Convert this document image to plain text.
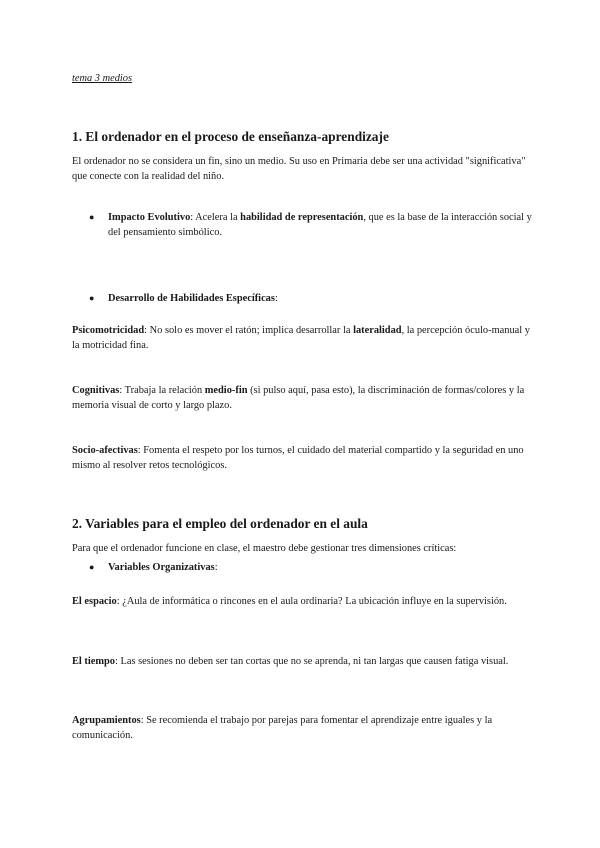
tema 3 medios

1. El ordenador en el proceso de enseñanza-aprendizaje

El ordenador no se considera un fin, sino un medio. Su uso en Primaria debe ser una actividad "significativa" que conecte con la realidad del niño.

● Impacto Evolutivo: Acelera la habilidad de representación, que es la base de la interacción social y del pensamiento simbólico.
● Desarrollo de Habilidades Específicas:

Psicomotricidad: No solo es mover el ratón; implica desarrollar la lateralidad, la percepción óculo-manual y la motricidad fina.

Cognitivas: Trabaja la relación medio-fin (si pulso aquí, pasa esto), la discriminación de formas/colores y la memoria visual de corto y largo plazo.

Socio-afectivas: Fomenta el respeto por los turnos, el cuidado del material compartido y la seguridad en uno mismo al resolver retos tecnológicos.

2. Variables para el empleo del ordenador en el aula

Para que el ordenador funcione en clase, el maestro debe gestionar tres dimensiones críticas:

● Variables Organizativas:

El espacio: ¿Aula de informática o rincones en el aula ordinaria? La ubicación influye en la supervisión.

El tiempo: Las sesiones no deben ser tan cortas que no se aprenda, ni tan largas que causen fatiga visual.

Agrupamientos: Se recomienda el trabajo por parejas para fomentar el aprendizaje entre iguales y la comunicación.
